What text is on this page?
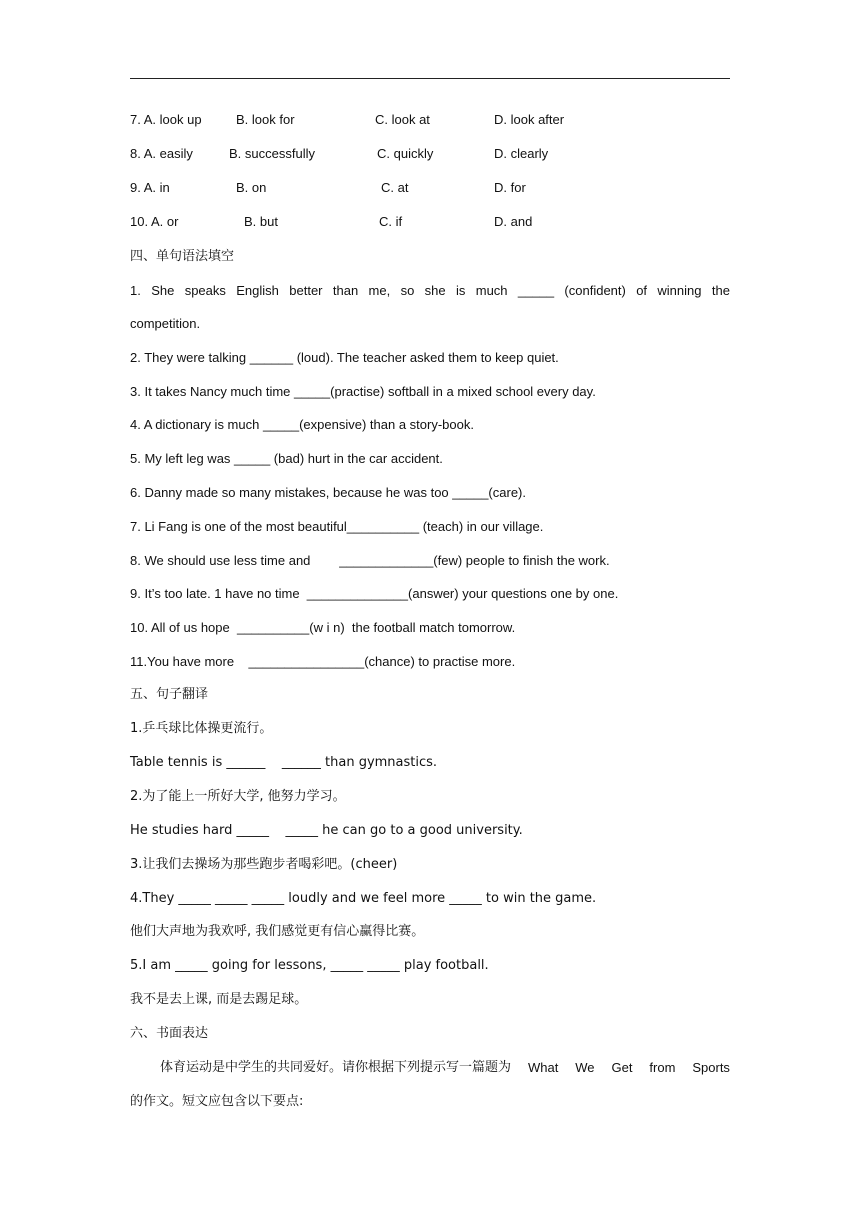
7. A. look up	B. look for	C. look at	D. look after
8. A. easily	B. successfully	C. quickly	D. clearly
9. A. in	B. on	C. at	D. for
10. A. or	B. but	C. if	D. and
四、单句语法填空
1. She speaks English better than me, so she is much _____ (confident) of winning the
competition.
2. They were talking ______ (loud). The teacher asked them to keep quiet.
3. It takes Nancy much time _____(practise) softball in a mixed school every day.
4. A dictionary is much _____(expensive) than a story-book.
5. My left leg was _____ (bad) hurt in the car accident.
6. Danny made so many mistakes, because he was too _____(care).
7. Li Fang is one of the most beautiful__________ (teach) in our village.
8. We should use less time and        _____________(few) people to finish the work.
9. It’s too late. 1 have no time  ______________(answer) your questions one by one.
10. All of us hope  __________(w i n)  the football match tomorrow.
11.You have more    ________________(chance) to practise more.
五、句子翻译
1.乒乓球比体操更流行。
Table tennis is ______    ______ than gymnastics.
2.为了能上一所好大学, 他努力学习。
He studies hard _____    _____ he can go to a good university.
3.让我们去操场为那些跑步者喝彩吧。(cheer)
4.They _____ _____ _____ loudly and we feel more _____ to win the game.
他们大声地为我欢呼, 我们感觉更有信心赢得比赛。
5.I am _____ going for lessons, _____ _____ play football.
我不是去上课, 而是去踢足球。
六、书面表达
体育运动是中学生的共同爱好。请你根据下列提示写一篇题为 What We Get from Sports
的作文。短文应包含以下要点:
